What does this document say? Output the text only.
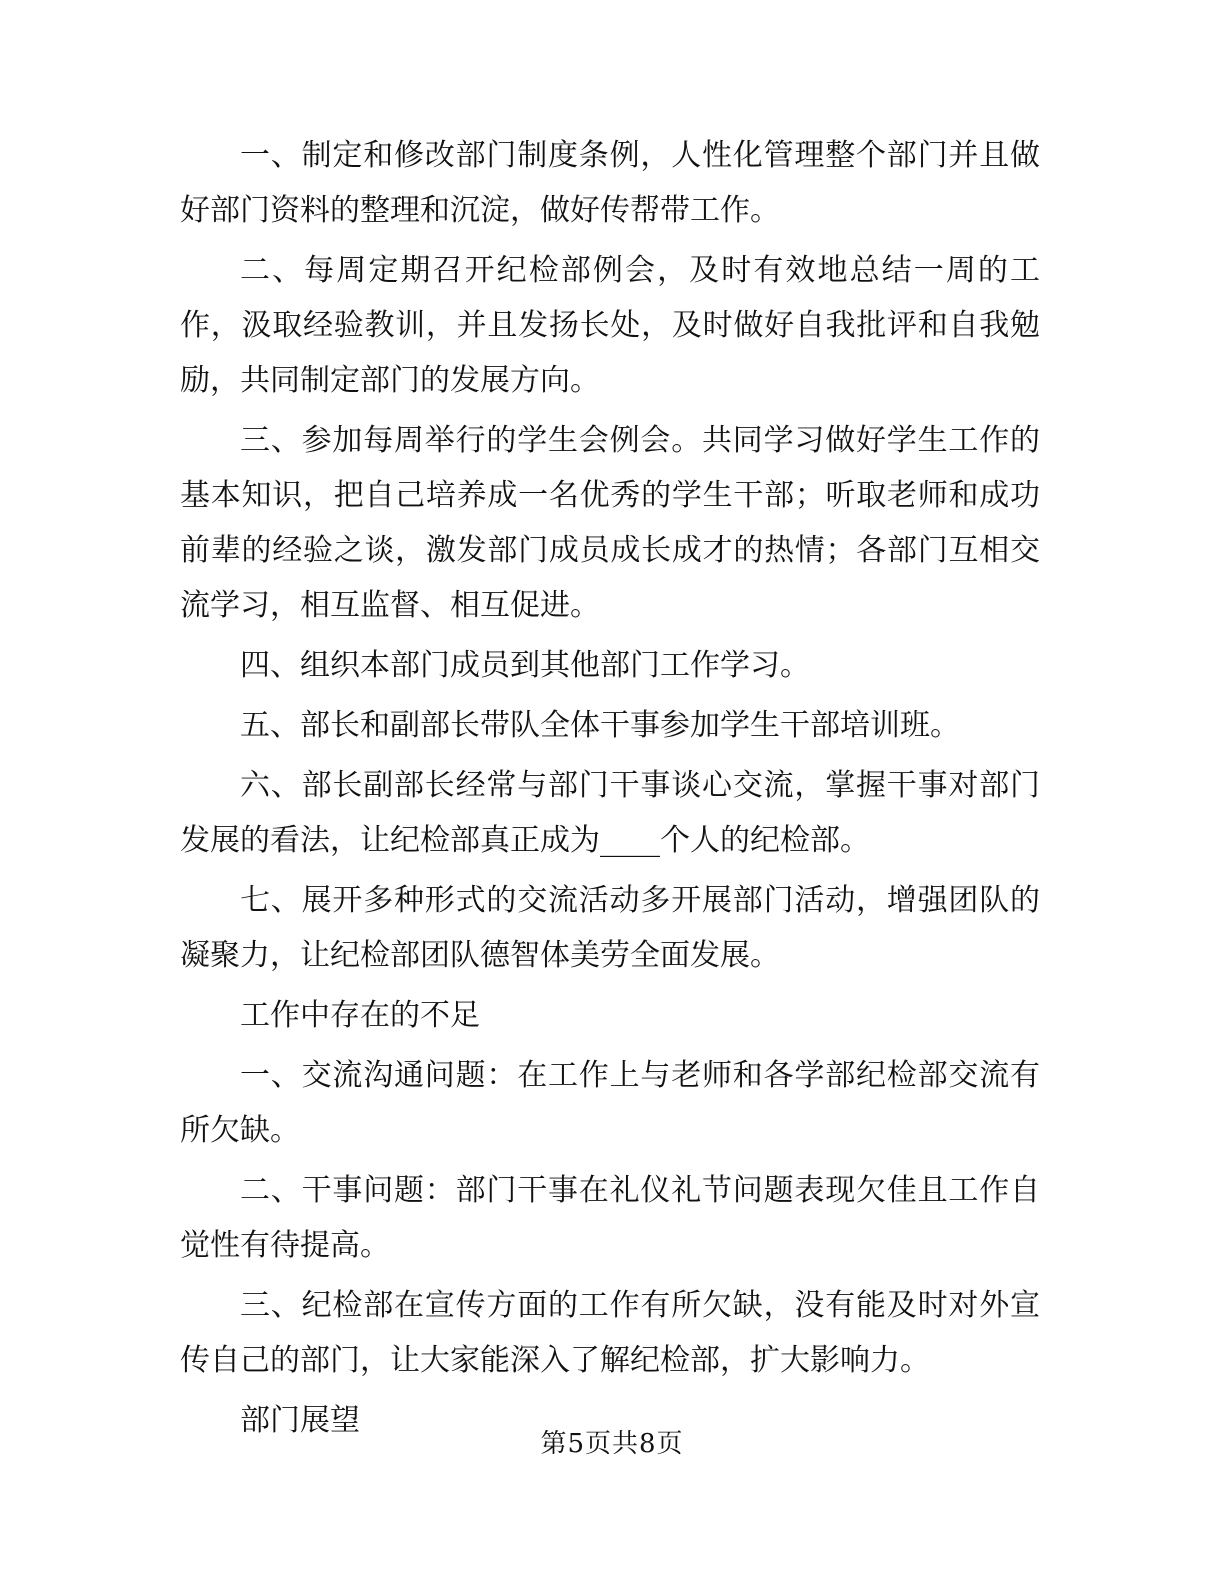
一、制定和修改部门制度条例，人性化管理整个部门并且做好部门资料的整理和沉淀，做好传帮带工作。

二、每周定期召开纪检部例会，及时有效地总结一周的工作，汲取经验教训，并且发扬长处，及时做好自我批评和自我勉励，共同制定部门的发展方向。

三、参加每周举行的学生会例会。共同学习做好学生工作的基本知识，把自己培养成一名优秀的学生干部；听取老师和成功前辈的经验之谈，激发部门成员成长成才的热情；各部门互相交流学习，相互监督、相互促进。

四、组织本部门成员到其他部门工作学习。

五、部长和副部长带队全体干事参加学生干部培训班。

六、部长副部长经常与部门干事谈心交流，掌握干事对部门发展的看法，让纪检部真正成为____个人的纪检部。

七、展开多种形式的交流活动多开展部门活动，增强团队的凝聚力，让纪检部团队德智体美劳全面发展。

工作中存在的不足

一、交流沟通问题：在工作上与老师和各学部纪检部交流有所欠缺。

二、干事问题：部门干事在礼仪礼节问题表现欠佳且工作自觉性有待提高。

三、纪检部在宣传方面的工作有所欠缺，没有能及时对外宣传自己的部门，让大家能深入了解纪检部，扩大影响力。

部门展望

第5页共8页
